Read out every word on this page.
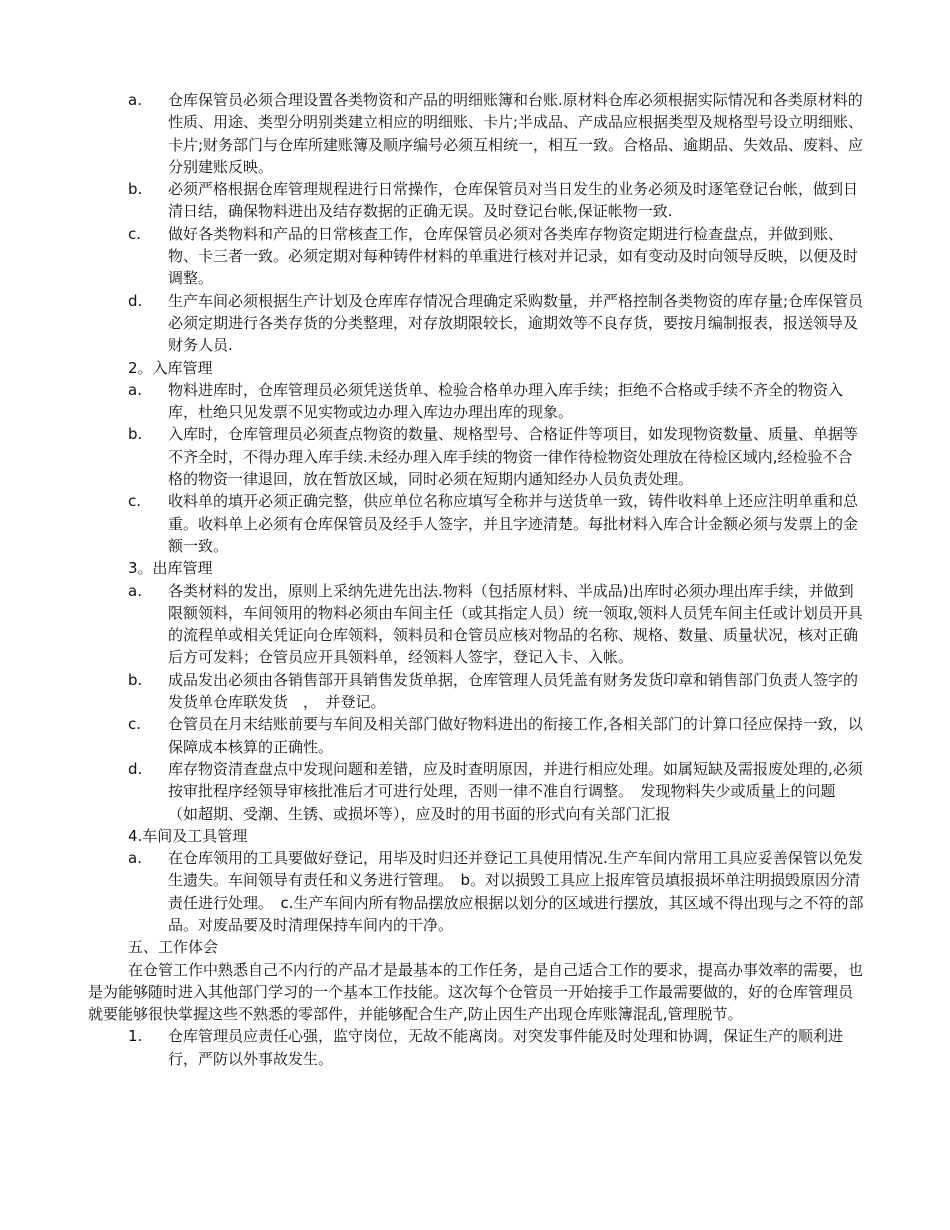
a. 仓库保管员必须合理设置各类物资和产品的明细账簿和台账.原材料仓库必须根据实际情况和各类原材料的性质、用途、类型分明别类建立相应的明细账、卡片;半成品、产成品应根据类型及规格型号设立明细账、卡片;财务部门与仓库所建账簿及顺序编号必须互相统一，相互一致。合格品、逾期品、失效品、废料、应分别建账反映。
b. 必须严格根据仓库管理规程进行日常操作，仓库保管员对当日发生的业务必须及时逐笔登记台帐，做到日清日结，确保物料进出及结存数据的正确无误。及时登记台帐,保证帐物一致.
c. 做好各类物料和产品的日常核查工作，仓库保管员必须对各类库存物资定期进行检查盘点，并做到账、物、卡三者一致。必须定期对每种铸件材料的单重进行核对并记录，如有变动及时向领导反映，以便及时调整。
d. 生产车间必须根据生产计划及仓库库存情况合理确定采购数量，并严格控制各类物资的库存量;仓库保管员必须定期进行各类存货的分类整理，对存放期限较长，逾期效等不良存货，要按月编制报表，报送领导及财务人员.
2。入库管理
a. 物料进库时，仓库管理员必须凭送货单、检验合格单办理入库手续；拒绝不合格或手续不齐全的物资入库，杜绝只见发票不见实物或边办理入库边办理出库的现象。
b. 入库时，仓库管理员必须查点物资的数量、规格型号、合格证件等项目，如发现物资数量、质量、单据等不齐全时，不得办理入库手续.未经办理入库手续的物资一律作待检物资处理放在待检区域内,经检验不合格的物资一律退回，放在暂放区域，同时必须在短期内通知经办人员负责处理。
c. 收料单的填开必须正确完整，供应单位名称应填写全称并与送货单一致，铸件收料单上还应注明单重和总重。收料单上必须有仓库保管员及经手人签字，并且字迹清楚。每批材料入库合计金额必须与发票上的金额一致。
3。出库管理
a. 各类材料的发出，原则上采纳先进先出法.物料（包括原材料、半成品)出库时必须办理出库手续，并做到限额领料，车间领用的物料必须由车间主任（或其指定人员）统一领取,领料人员凭车间主任或计划员开具的流程单或相关凭证向仓库领料，领料员和仓管员应核对物品的名称、规格、数量、质量状况，核对正确后方可发料；仓管员应开具领料单，经领料人签字，登记入卡、入帐。
b. 成品发出必须由各销售部开具销售发货单据，仓库管理人员凭盖有财务发货印章和销售部门负责人签字的发货单仓库联发货　，　并登记。
c. 仓管员在月末结账前要与车间及相关部门做好物料进出的衔接工作,各相关部门的计算口径应保持一致，以保障成本核算的正确性。
d. 库存物资清查盘点中发现问题和差错，应及时查明原因，并进行相应处理。如属短缺及需报废处理的,必须按审批程序经领导审核批准后才可进行处理，否则一律不准自行调整。　发现物料失少或质量上的问题（如超期、受潮、生锈、或损坏等），应及时的用书面的形式向有关部门汇报
4.车间及工具管理
a. 在仓库领用的工具要做好登记，用毕及时归还并登记工具使用情况.生产车间内常用工具应妥善保管以免发生遗失。车间领导有责任和义务进行管理。　b。对以损毁工具应上报库管员填报损坏单注明损毁原因分清责任进行处理。　c.生产车间内所有物品摆放应根据以划分的区域进行摆放，其区域不得出现与之不符的部品。对废品要及时清理保持车间内的干净。
五、工作体会
在仓管工作中熟悉自己不内行的产品才是最基本的工作任务，是自己适合工作的要求，提高办事效率的需要，也是为能够随时进入其他部门学习的一个基本工作技能。这次每个仓管员一开始接手工作最需要做的，好的仓库管理员就要能够很快掌握这些不熟悉的零部件，并能够配合生产,防止因生产出现仓库账簿混乱,管理脱节。
1. 仓库管理员应责任心强，监守岗位，无故不能离岗。对突发事件能及时处理和协调，保证生产的顺利进行，严防以外事故发生。
